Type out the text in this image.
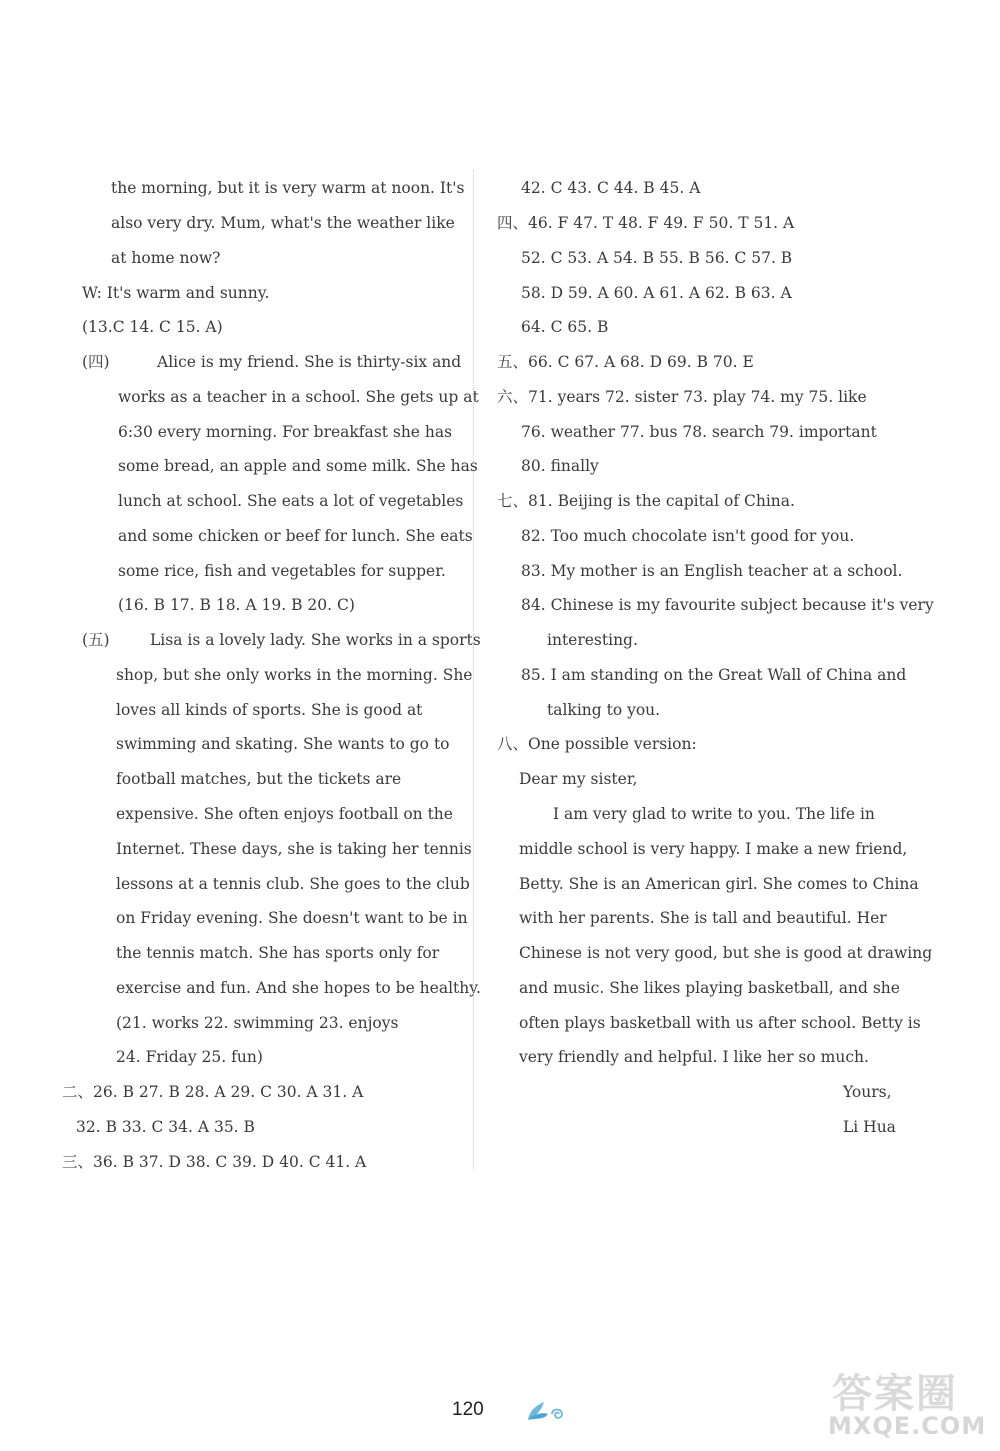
the morning, but it is very warm at noon. It's
also very dry. Mum, what's the weather like
at home now?
W: It's warm and sunny.
(13.C 14. C 15. A)
(四)	Alice is my friend. She is thirty-six and
works as a teacher in a school. She gets up at
6:30 every morning. For breakfast she has
some bread, an apple and some milk. She has
lunch at school. She eats a lot of vegetables
and some chicken or beef for lunch. She eats
some rice, fish and vegetables for supper.
(16. B 17. B 18. A 19. B 20. C)
(五)	Lisa is a lovely lady. She works in a sports
shop, but she only works in the morning. She
loves all kinds of sports. She is good at
swimming and skating. She wants to go to
football matches, but the tickets are
expensive. She often enjoys football on the
Internet. These days, she is taking her tennis
lessons at a tennis club. She goes to the club
on Friday evening. She doesn't want to be in
the tennis match. She has sports only for
exercise and fun. And she hopes to be healthy.
(21. works 22. swimming 23. enjoys
24. Friday 25. fun)
二、26. B 27. B 28. A 29. C 30. A 31. A
32. B 33. C 34. A 35. B
三、36. B 37. D 38. C 39. D 40. C 41. A
42. C 43. C 44. B 45. A
四、46. F 47. T 48. F 49. F 50. T 51. A
52. C 53. A 54. B 55. B 56. C 57. B
58. D 59. A 60. A 61. A 62. B 63. A
64. C 65. B
五、66. C 67. A 68. D 69. B 70. E
六、71. years 72. sister 73. play 74. my 75. like
76. weather 77. bus 78. search 79. important
80. finally
七、81. Beijing is the capital of China.
82. Too much chocolate isn't good for you.
83. My mother is an English teacher at a school.
84. Chinese is my favourite subject because it's very
interesting.
85. I am standing on the Great Wall of China and
talking to you.
八、One possible version:
Dear my sister,
I am very glad to write to you. The life in
middle school is very happy. I make a new friend,
Betty. She is an American girl. She comes to China
with her parents. She is tall and beautiful. Her
Chinese is not very good, but she is good at drawing
and music. She likes playing basketball, and she
often plays basketball with us after school. Betty is
very friendly and helpful. I like her so much.
Yours,
Li Hua
120	答案圈
MXQE.COM
